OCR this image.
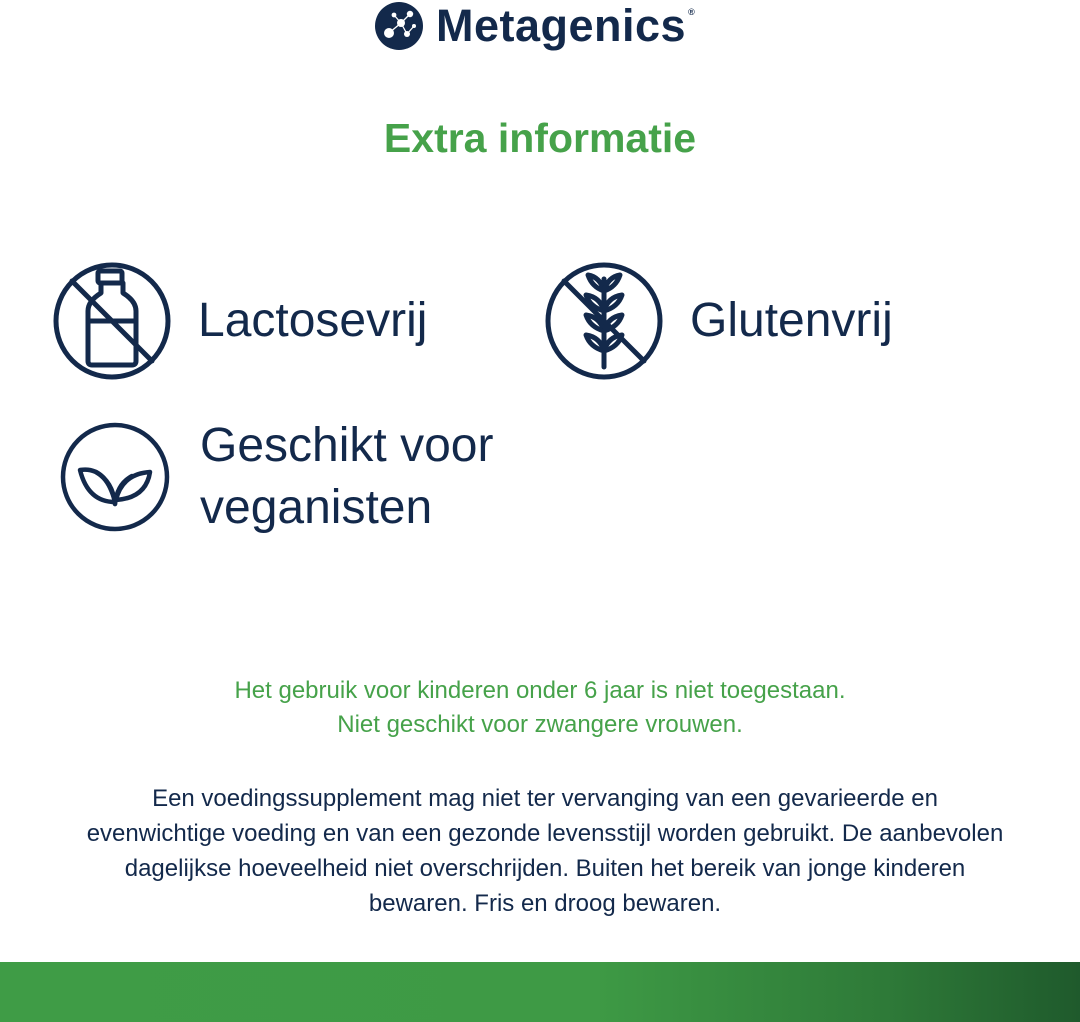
Metagenics ®
Extra informatie
Lactosevrij	Glutenvrij
Geschikt voor veganisten
Het gebruik voor kinderen onder 6 jaar is niet toegestaan.
Niet geschikt voor zwangere vrouwen.
Een voedingssupplement mag niet ter vervanging van een gevarieerde en evenwichtige voeding en van een gezonde levensstijl worden gebruikt. De aanbevolen dagelijkse hoeveelheid niet overschrijden. Buiten het bereik van jonge kinderen bewaren. Fris en droog bewaren.
